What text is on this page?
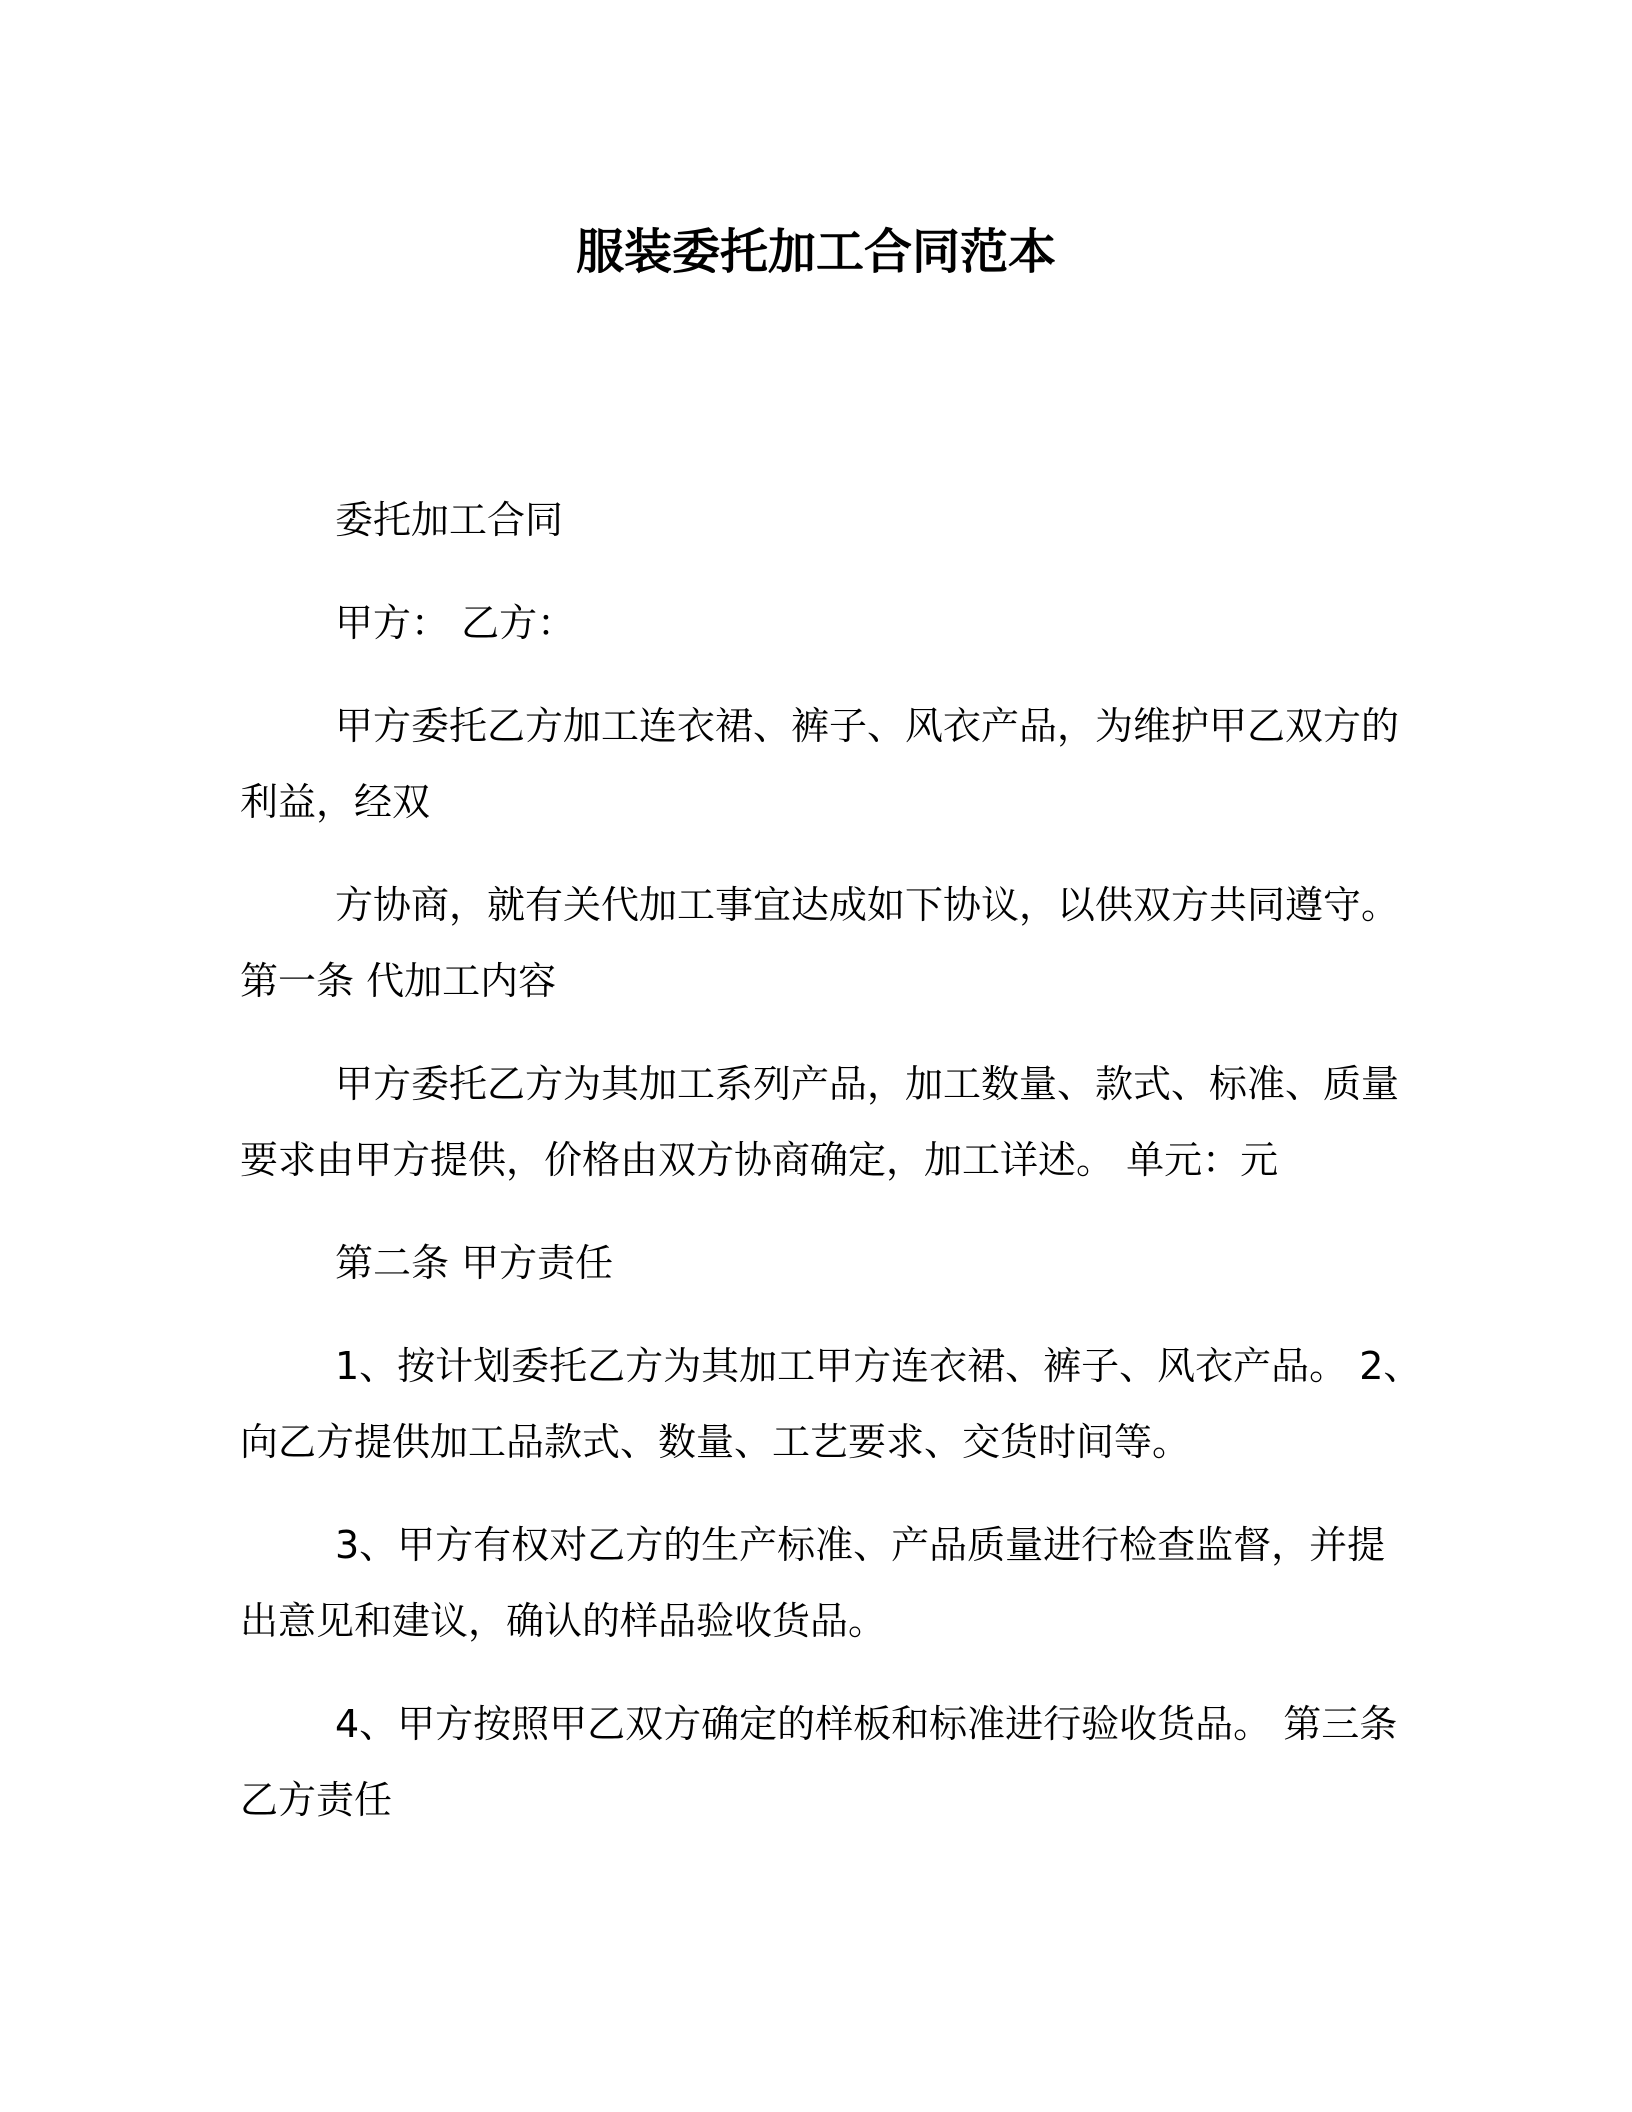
服装委托加工合同范本

委托加工合同

甲方： 乙方：

甲方委托乙方加工连衣裙、裤子、风衣产品，为维护甲乙双方的

利益，经双

方协商，就有关代加工事宜达成如下协议，以供双方共同遵守。

第一条 代加工内容

甲方委托乙方为其加工系列产品，加工数量、款式、标准、质量

要求由甲方提供，价格由双方协商确定，加工详述。 单元：元

第二条 甲方责任

1、按计划委托乙方为其加工甲方连衣裙、裤子、风衣产品。 2、

向乙方提供加工品款式、数量、工艺要求、交货时间等。

3、甲方有权对乙方的生产标准、产品质量进行检查监督，并提

出意见和建议，确认的样品验收货品。

4、甲方按照甲乙双方确定的样板和标准进行验收货品。 第三条

乙方责任
